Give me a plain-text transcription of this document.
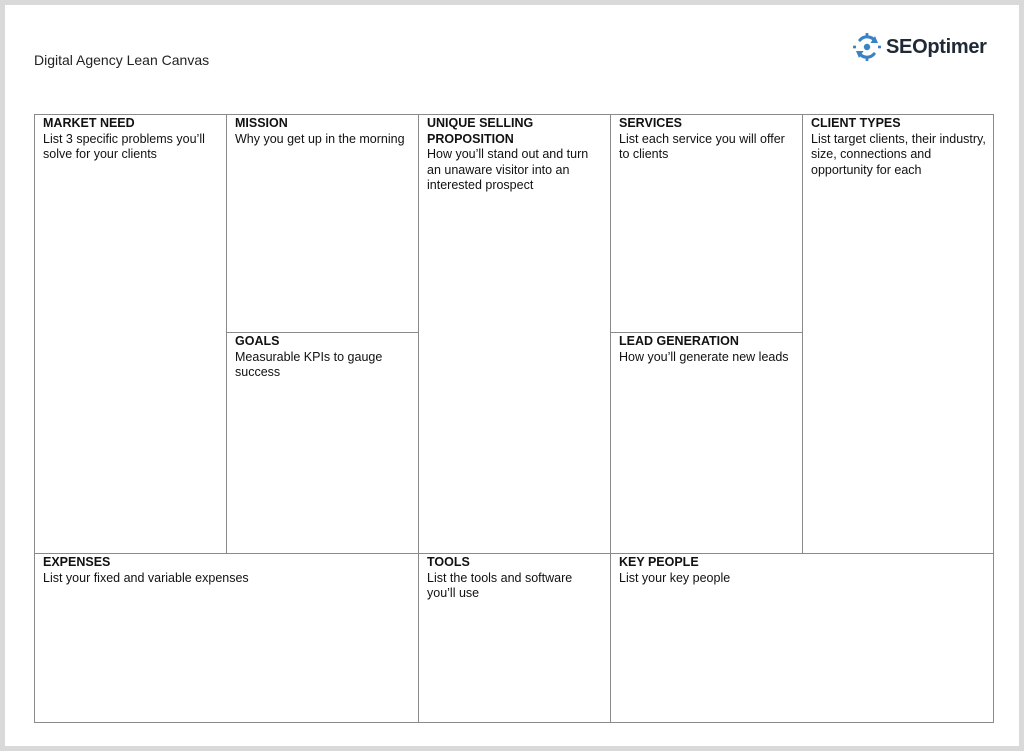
Digital Agency Lean Canvas
SEOptimer
MARKET NEED
List 3 specific problems you’ll solve for your clients
MISSION
Why you get up in the morning
GOALS
Measurable KPIs to gauge success
UNIQUE SELLING PROPOSITION
How you’ll stand out and turn an unaware visitor into an interested prospect
SERVICES
List each service you will offer to clients
LEAD GENERATION
How you’ll generate new leads
CLIENT TYPES
List target clients, their industry, size, connections and opportunity for each
EXPENSES
List your fixed and variable expenses
TOOLS
List the tools and software you’ll use
KEY PEOPLE
List your key people
